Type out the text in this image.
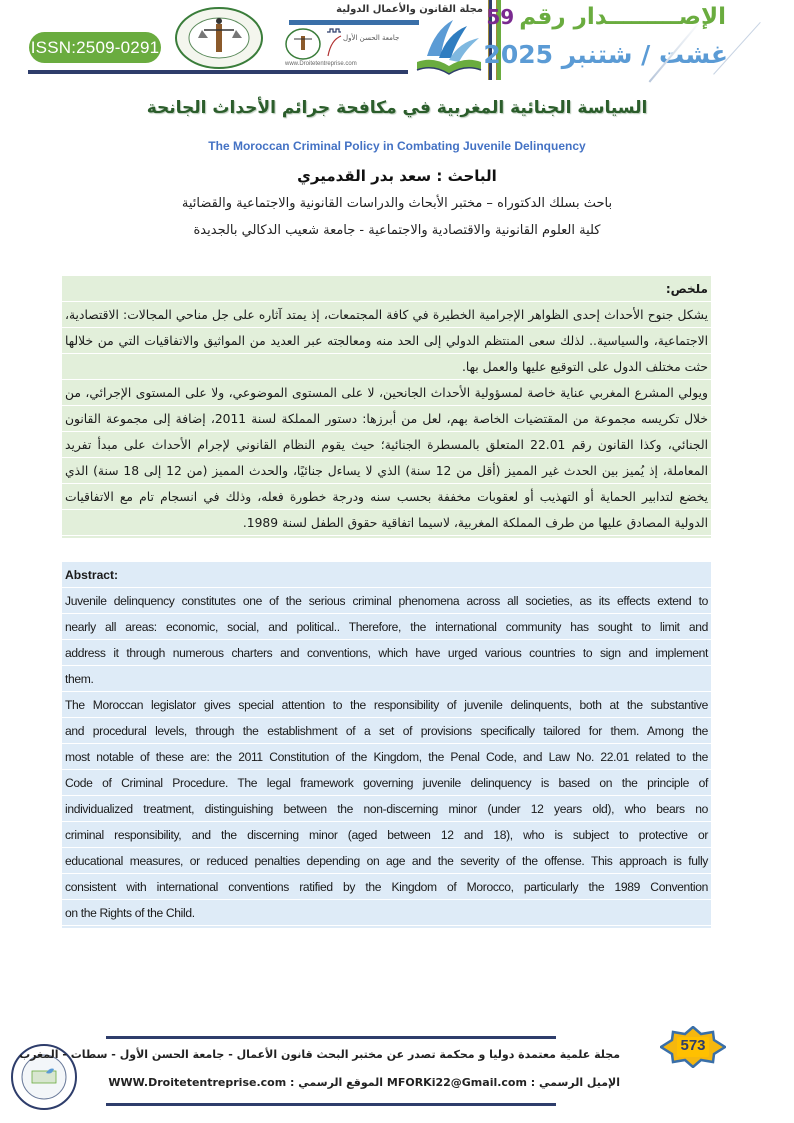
ISSN:2509-0291
مجلة القانون والأعمال الدولية
جامعة الحسن الأول
www.Droitetentreprise.com
الإصـــــــــدار رقم 59
غشت / شتنبر 2025
السياسة الجنائية المغربية في مكافحة جرائم الأحداث الجانحة
The Moroccan Criminal Policy in Combating Juvenile Delinquency
الباحث : سعد بدر القدميري
باحث بسلك الدكتوراه – مختبر الأبحاث والدراسات القانونية والاجتماعية والقضائية
كلية العلوم القانونية والاقتصادية والاجتماعية - جامعة شعيب الدكالي بالجديدة
ملخص:
يشكل جنوح الأحداث إحدى الظواهر الإجرامية الخطيرة في كافة المجتمعات، إذ يمتد آثاره على جل مناحي المجالات: الاقتصادية،
الاجتماعية، والسياسية.. لذلك سعى المنتظم الدولي إلى الحد منه ومعالجته عبر العديد من المواثيق والاتفاقيات التي من خلالها
حثت مختلف الدول على التوقيع عليها والعمل بها.
ويولي المشرع المغربي عناية خاصة لمسؤولية الأحداث الجانحين، لا على المستوى الموضوعي، ولا على المستوى الإجرائي، من
خلال تكريسه مجموعة من المقتضيات الخاصة بهم، لعل من أبرزها: دستور المملكة لسنة 2011، إضافة إلى مجموعة القانون
الجنائي، وكذا القانون رقم 22.01 المتعلق بالمسطرة الجنائية؛ حيث يقوم النظام القانوني لإجرام الأحداث على مبدأ تفريد
المعاملة، إذ يُميز بين الحدث غير المميز (أقل من 12 سنة) الذي لا يساءل جنائيًا، والحدث المميز (من 12 إلى 18 سنة) الذي
يخضع لتدابير الحماية أو التهذيب أو لعقوبات مخففة بحسب سنه ودرجة خطورة فعله، وذلك في انسجام تام مع الاتفاقيات
الدولية المصادق عليها من طرف المملكة المغربية، لاسيما اتفاقية حقوق الطفل لسنة 1989.
Abstract:
Juvenile delinquency constitutes one of the serious criminal phenomena across all societies, as its effects extend to
nearly all areas: economic, social, and political.. Therefore, the international community has sought to limit and
address it through numerous charters and conventions, which have urged various countries to sign and implement
them.
The Moroccan legislator gives special attention to the responsibility of juvenile delinquents, both at the substantive
and procedural levels, through the establishment of a set of provisions specifically tailored for them. Among the
most notable of these are: the 2011 Constitution of the Kingdom, the Penal Code, and Law No. 22.01 related to the
Code of Criminal Procedure. The legal framework governing juvenile delinquency is based on the principle of
individualized treatment, distinguishing between the non-discerning minor (under 12 years old), who bears no
criminal responsibility, and the discerning minor (aged between 12 and 18), who is subject to protective or
educational measures, or reduced penalties depending on age and the severity of the offense. This approach is fully
consistent with international conventions ratified by the Kingdom of Morocco, particularly the 1989 Convention
on the Rights of the Child.
مجلة علمية معتمدة دوليا و محكمة تصدر عن مختبر البحث قانون الأعمال - جامعة الحسن الأول - سطات - المغرب
الإميل الرسمي : MFORKi22@Gmail.com الموقع الرسمي : WWW.Droitetentreprise.com
573
